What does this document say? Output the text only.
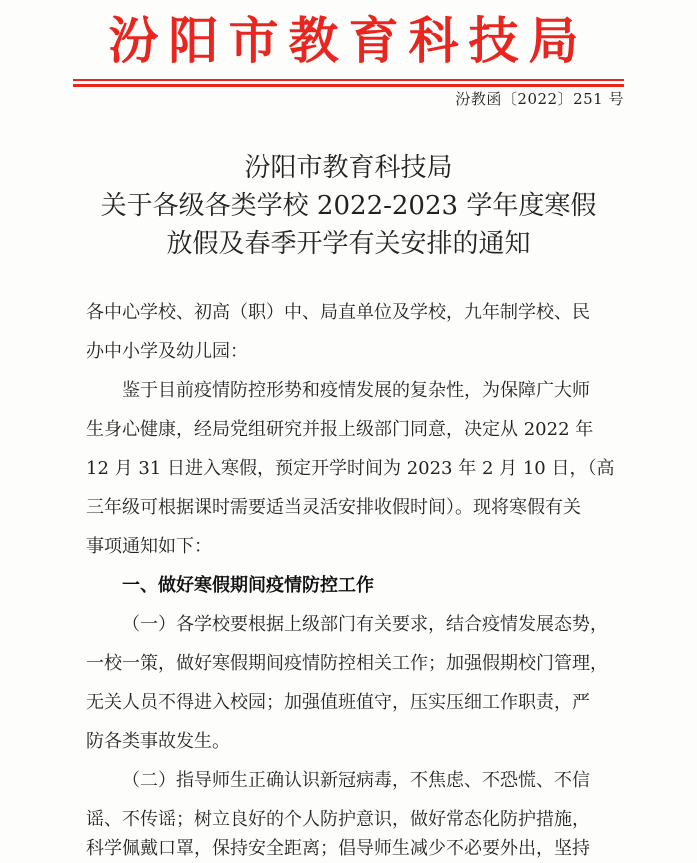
汾阳市教育科技局
汾教函〔2022〕251 号
汾阳市教育科技局
关于各级各类学校 2022-2023 学年度寒假
放假及春季开学有关安排的通知
各中心学校、初高（职）中、局直单位及学校，九年制学校、民
办中小学及幼儿园：
鉴于目前疫情防控形势和疫情发展的复杂性，为保障广大师
生身心健康，经局党组研究并报上级部门同意，决定从 2022 年
12 月 31 日进入寒假，预定开学时间为 2023 年 2 月 10 日，（高
三年级可根据课时需要适当灵活安排收假时间）。现将寒假有关
事项通知如下：
一、做好寒假期间疫情防控工作
（一）各学校要根据上级部门有关要求，结合疫情发展态势，
一校一策，做好寒假期间疫情防控相关工作；加强假期校门管理，
无关人员不得进入校园；加强值班值守，压实压细工作职责，严
防各类事故发生。
（二）指导师生正确认识新冠病毒，不焦虑、不恐慌、不信
谣、不传谣；树立良好的个人防护意识，做好常态化防护措施，
科学佩戴口罩，保持安全距离；倡导师生减少不必要外出，坚持
